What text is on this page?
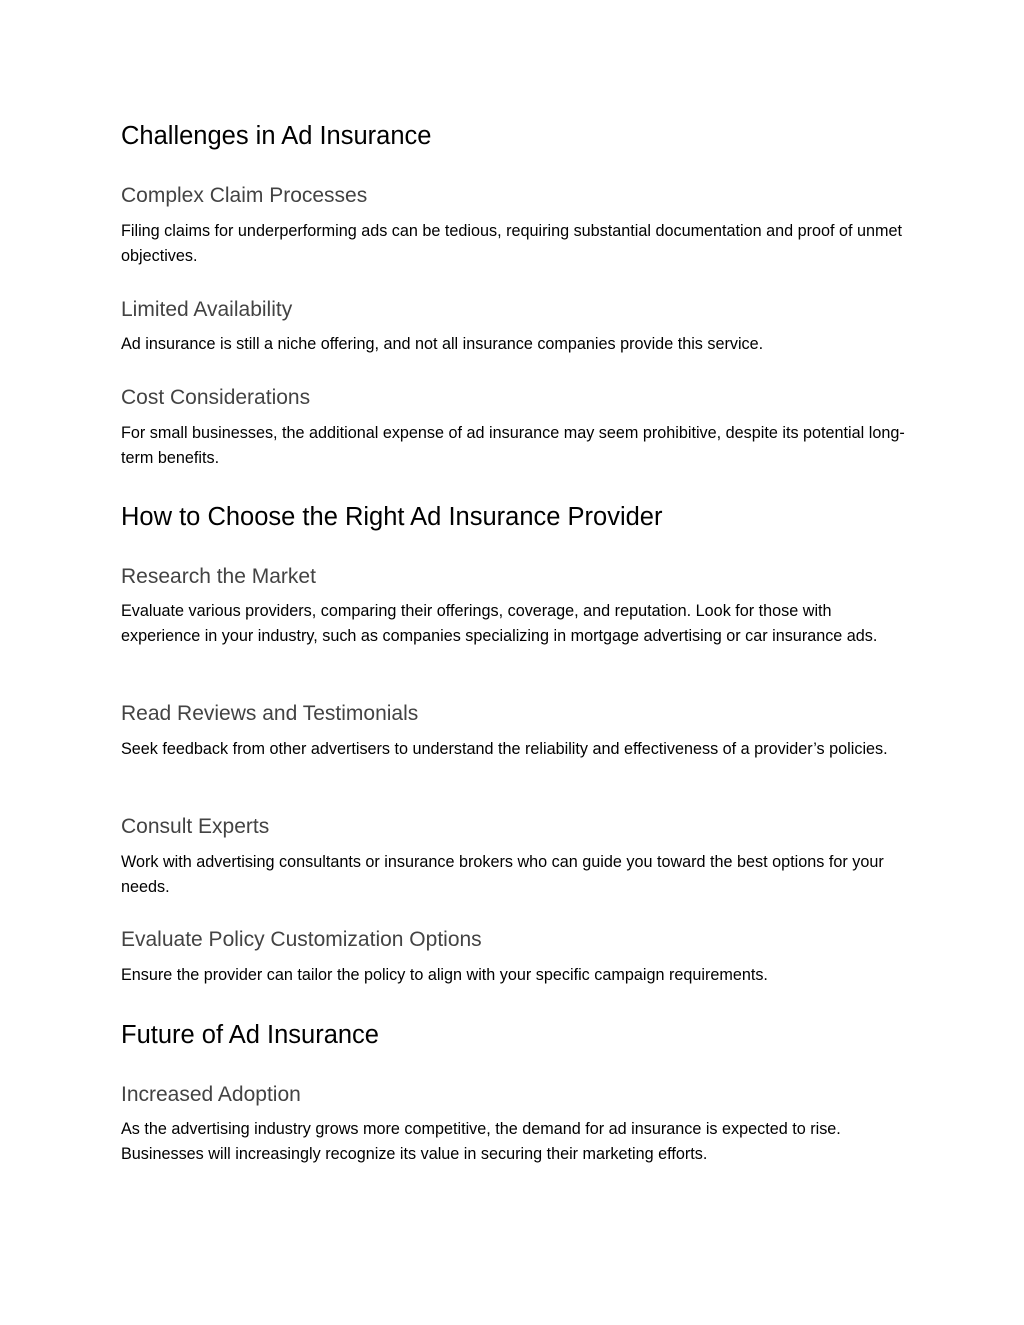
Challenges in Ad Insurance
Complex Claim Processes

Filing claims for underperforming ads can be tedious, requiring substantial documentation and proof of unmet objectives.

Limited Availability

Ad insurance is still a niche offering, and not all insurance companies provide this service.

Cost Considerations

For small businesses, the additional expense of ad insurance may seem prohibitive, despite its potential long-term benefits.

How to Choose the Right Ad Insurance Provider
Research the Market

Evaluate various providers, comparing their offerings, coverage, and reputation. Look for those with experience in your industry, such as companies specializing in mortgage advertising or car insurance ads.

Read Reviews and Testimonials

Seek feedback from other advertisers to understand the reliability and effectiveness of a provider’s policies.

Consult Experts

Work with advertising consultants or insurance brokers who can guide you toward the best options for your needs.

Evaluate Policy Customization Options

Ensure the provider can tailor the policy to align with your specific campaign requirements.

Future of Ad Insurance
Increased Adoption

As the advertising industry grows more competitive, the demand for ad insurance is expected to rise. Businesses will increasingly recognize its value in securing their marketing efforts.
